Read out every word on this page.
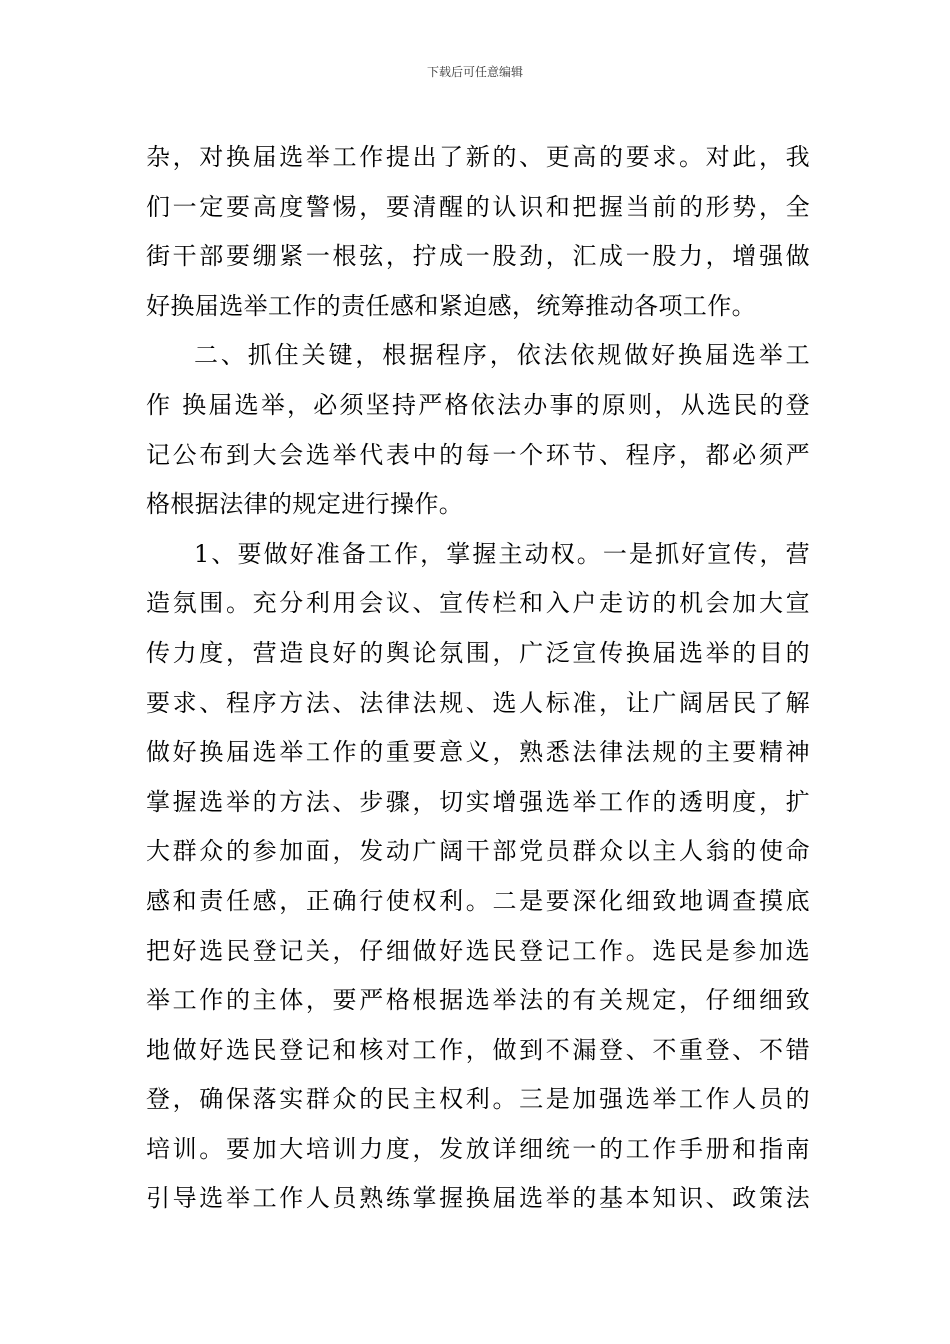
下载后可任意编辑
杂，对换届选举工作提出了新的、更高的要求。对此，我
们一定要高度警惕，要清醒的认识和把握当前的形势，全
街干部要绷紧一根弦，拧成一股劲，汇成一股力，增强做
好换届选举工作的责任感和紧迫感，统筹推动各项工作。
二、抓住关键，根据程序，依法依规做好换届选举工
作 换届选举，必须坚持严格依法办事的原则，从选民的登
记公布到大会选举代表中的每一个环节、程序，都必须严
格根据法律的规定进行操作。
1、要做好准备工作，掌握主动权。一是抓好宣传，营
造氛围。充分利用会议、宣传栏和入户走访的机会加大宣
传力度，营造良好的舆论氛围，广泛宣传换届选举的目的
要求、程序方法、法律法规、选人标准，让广阔居民了解
做好换届选举工作的重要意义，熟悉法律法规的主要精神
掌握选举的方法、步骤，切实增强选举工作的透明度，扩
大群众的参加面，发动广阔干部党员群众以主人翁的使命
感和责任感，正确行使权利。二是要深化细致地调查摸底
把好选民登记关，仔细做好选民登记工作。选民是参加选
举工作的主体，要严格根据选举法的有关规定，仔细细致
地做好选民登记和核对工作，做到不漏登、不重登、不错
登，确保落实群众的民主权利。三是加强选举工作人员的
培训。要加大培训力度，发放详细统一的工作手册和指南
引导选举工作人员熟练掌握换届选举的基本知识、政策法
